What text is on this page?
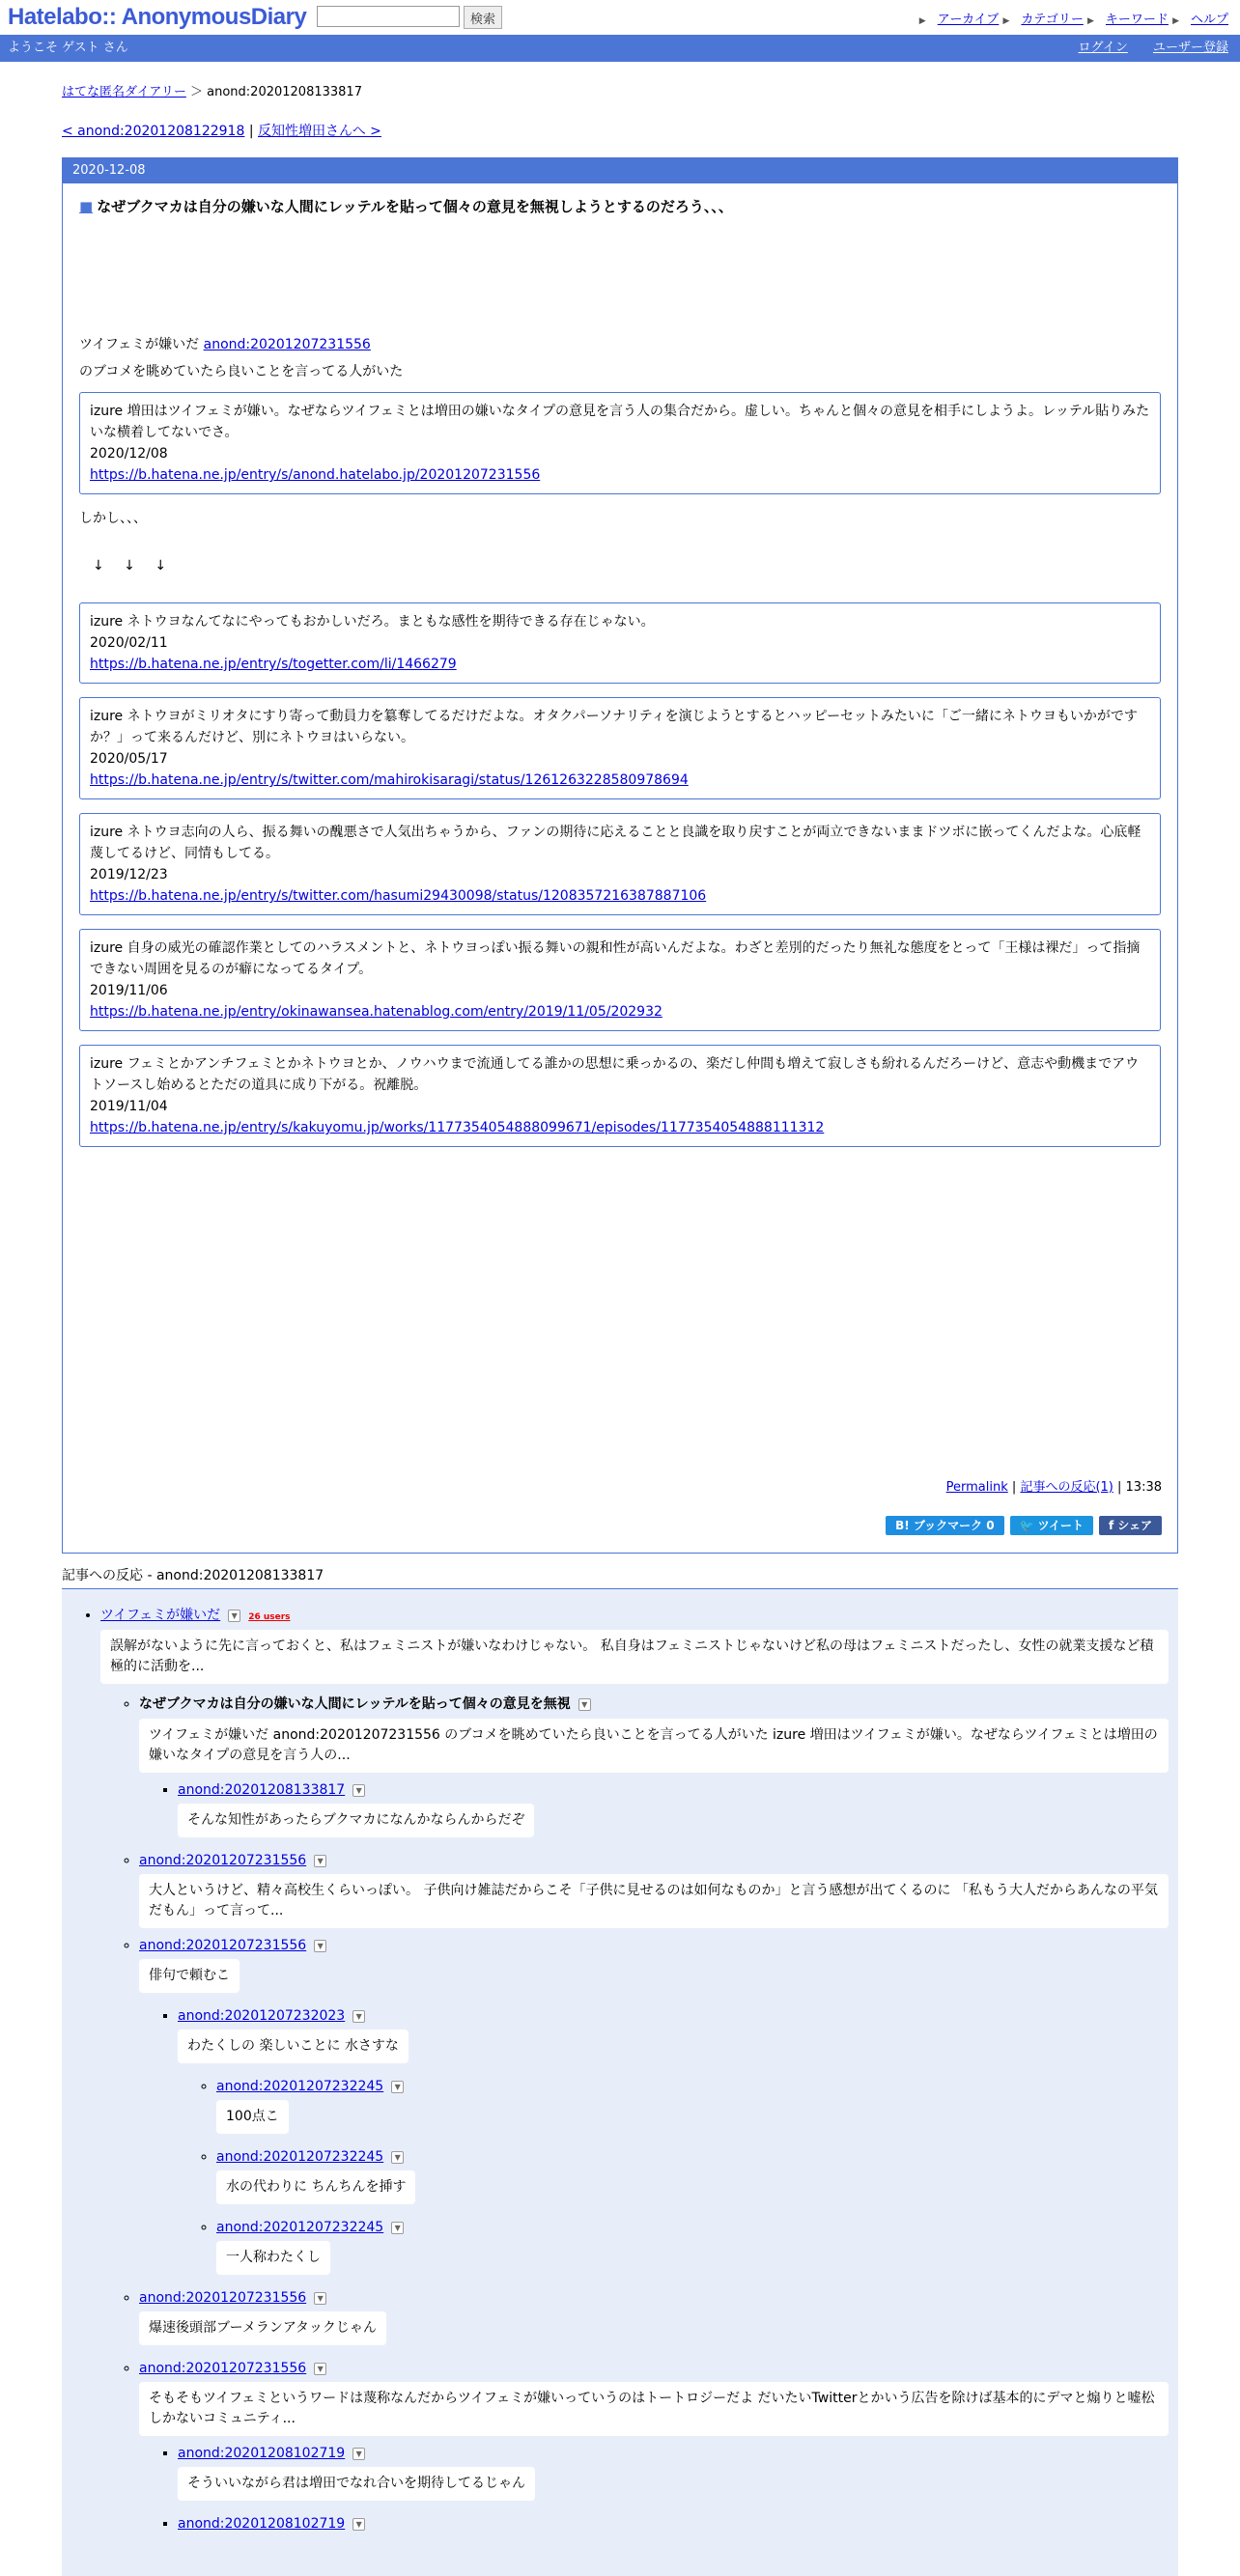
Hatelabo:: AnonymousDiary	検索	▶ アーカイブ ▶ カテゴリー ▶ キーワード ▶ ヘルプ
ようこそ ゲスト さん	ログイン ユーザー登録
はてな匿名ダイアリー ＞ anond:20201208133817
< anond:20201208122918 | 反知性増田さんへ >
2020-12-08
■ なぜブクマカは自分の嫌いな人間にレッテルを貼って個々の意見を無視しようとするのだろう、、、

ツイフェミが嫌いだ anond:20201207231556

のブコメを眺めていたら良いことを言ってる人がいた

izure 増田はツイフェミが嫌い。なぜならツイフェミとは増田の嫌いなタイプの意見を言う人の集合だから。虚しい。ちゃんと個々の意見を相手にしようよ。レッテル貼りみたいな横着してないでさ。
2020/12/08
https://b.hatena.ne.jp/entry/s/anond.hatelabo.jp/20201207231556

しかし、、、

↓ ↓ ↓
izure ネトウヨなんてなにやってもおかしいだろ。まともな感性を期待できる存在じゃない。
2020/02/11
https://b.hatena.ne.jp/entry/s/togetter.com/li/1466279
izure ネトウヨがミリオタにすり寄って動員力を簒奪してるだけだよな。オタクパーソナリティを演じようとするとハッピーセットみたいに「ご一緒にネトウヨもいかがですか？」って来るんだけど、別にネトウヨはいらない。
2020/05/17
https://b.hatena.ne.jp/entry/s/twitter.com/mahirokisaragi/status/1261263228580978694
izure ネトウヨ志向の人ら、振る舞いの醜悪さで人気出ちゃうから、ファンの期待に応えることと良識を取り戻すことが両立できないままドツボに嵌ってくんだよな。心底軽蔑してるけど、同情もしてる。
2019/12/23
https://b.hatena.ne.jp/entry/s/twitter.com/hasumi29430098/status/1208357216387887106
izure 自身の威光の確認作業としてのハラスメントと、ネトウヨっぽい振る舞いの親和性が高いんだよな。わざと差別的だったり無礼な態度をとって「王様は裸だ」って指摘できない周囲を見るのが癖になってるタイプ。
2019/11/06
https://b.hatena.ne.jp/entry/okinawansea.hatenablog.com/entry/2019/11/05/202932
izure フェミとかアンチフェミとかネトウヨとか、ノウハウまで流通してる誰かの思想に乗っかるの、楽だし仲間も増えて寂しさも紛れるんだろーけど、意志や動機までアウトソースし始めるとただの道具に成り下がる。祝離脱。
2019/11/04
https://b.hatena.ne.jp/entry/s/kakuyomu.jp/works/1177354054888099671/episodes/1177354054888111312
Permalink | 記事への反応(1) | 13:38
B! ブックマーク 0	🐦 ツイート	f シェア
記事への反応 - anond:20201208133817
• ツイフェミが嫌いだ ▼ 26 users
誤解がないように先に言っておくと、私はフェミニストが嫌いなわけじゃない。 私自身はフェミニストじゃないけど私の母はフェミニストだったし、女性の就業支援など積極的に活動を...
◦ なぜブクマカは自分の嫌いな人間にレッテルを貼って個々の意見を無視 ▼
ツイフェミが嫌いだ anond:20201207231556 のブコメを眺めていたら良いことを言ってる人がいた izure 増田はツイフェミが嫌い。なぜならツイフェミとは増田の嫌いなタイプの意見を言う人の...
▪ anond:20201208133817 ▼
そんな知性があったらブクマカになんかならんからだぞ
◦ anond:20201207231556 ▼
大人というけど、精々高校生くらいっぽい。 子供向け雑誌だからこそ「子供に見せるのは如何なものか」と言う感想が出てくるのに 「私もう大人だからあんなの平気だもん」って言って...
◦ anond:20201207231556 ▼
俳句で頼むこ
▪ anond:20201207232023 ▼
わたくしの 楽しいことに 水さすな
◦ anond:20201207232245 ▼
100点こ
◦ anond:20201207232245 ▼
水の代わりに ちんちんを挿す
◦ anond:20201207232245 ▼
一人称わたくし
◦ anond:20201207231556 ▼
爆速後頭部ブーメランアタックじゃん
◦ anond:20201207231556 ▼
そもそもツイフェミというワードは蔑称なんだからツイフェミが嫌いっていうのはトートロジーだよ だいたいTwitterとかいう広告を除けば基本的にデマと煽りと嘘松しかないコミュニティ...
▪ anond:20201208102719 ▼
そういいながら君は増田でなれ合いを期待してるじゃん
▪ anond:20201208102719 ▼
